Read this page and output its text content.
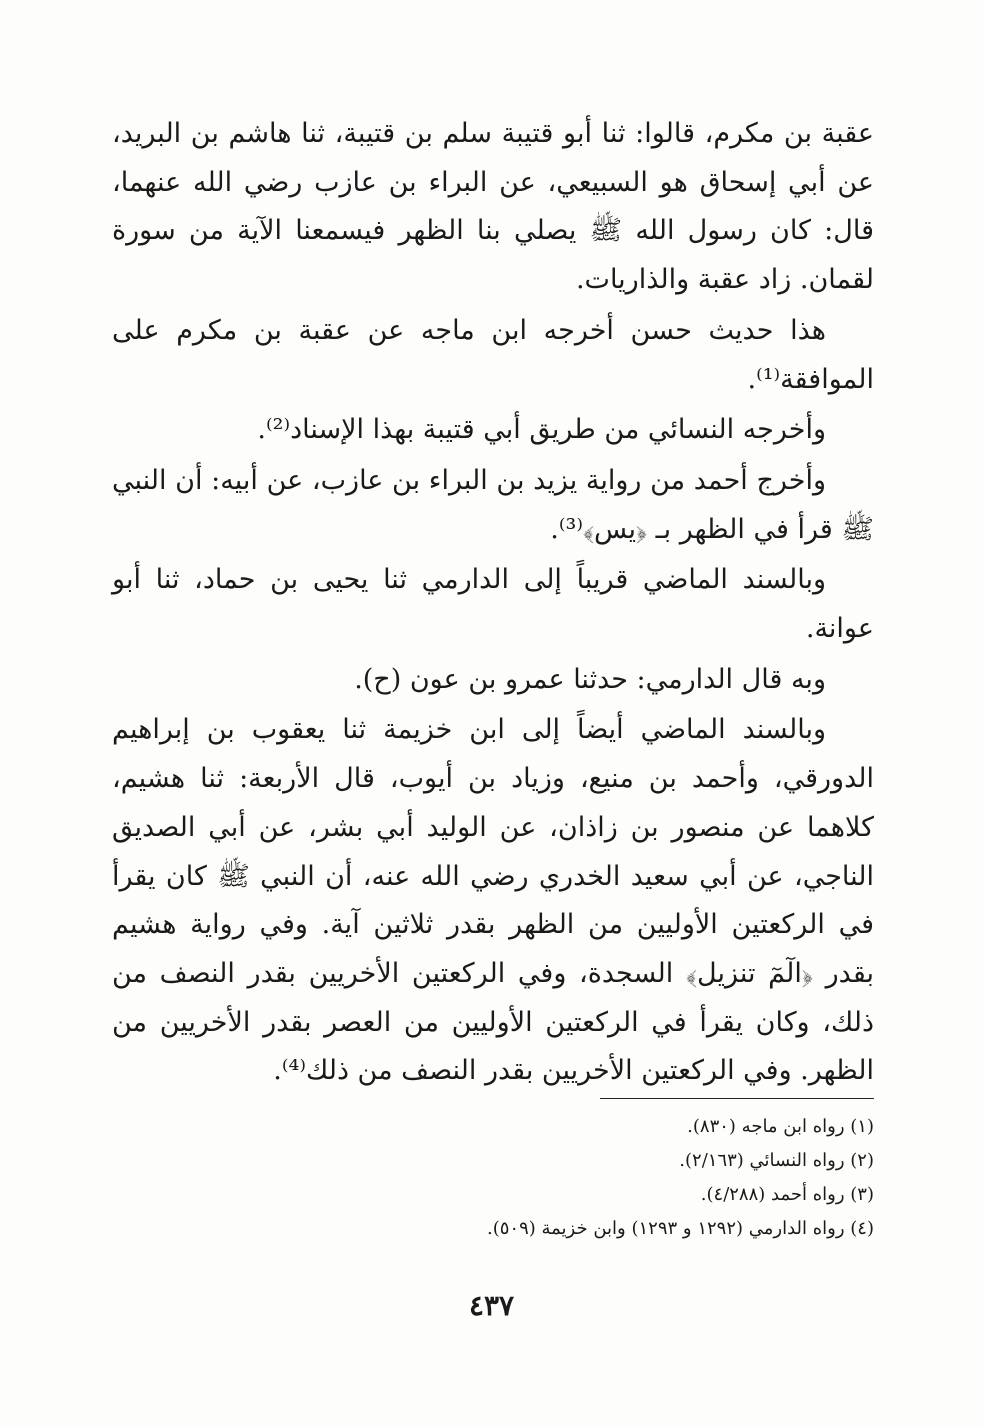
عقبة بن مكرم، قالوا: ثنا أبو قتيبة سلم بن قتيبة، ثنا هاشم بن البريد، عن أبي إسحاق هو السبيعي، عن البراء بن عازب رضي الله عنهما، قال: كان رسول الله ﷺ يصلي بنا الظهر فيسمعنا الآية من سورة لقمان. زاد عقبة والذاريات.

هذا حديث حسن أخرجه ابن ماجه عن عقبة بن مكرم على الموافقة⁽¹⁾.

وأخرجه النسائي من طريق أبي قتيبة بهذا الإسناد⁽²⁾.

وأخرج أحمد من رواية يزيد بن البراء بن عازب، عن أبيه: أن النبي ﷺ قرأ في الظهر بـ ﴿يس﴾⁽³⁾.

وبالسند الماضي قريباً إلى الدارمي ثنا يحيى بن حماد، ثنا أبو عوانة.

وبه قال الدارمي: حدثنا عمرو بن عون (ح).

وبالسند الماضي أيضاً إلى ابن خزيمة ثنا يعقوب بن إبراهيم الدورقي، وأحمد بن منيع، وزياد بن أيوب، قال الأربعة: ثنا هشيم، كلاهما عن منصور بن زاذان، عن الوليد أبي بشر، عن أبي الصديق الناجي، عن أبي سعيد الخدري رضي الله عنه، أن النبي ﷺ كان يقرأ في الركعتين الأوليين من الظهر بقدر ثلاثين آية. وفي رواية هشيم بقدر ﴿الٓمٓ تنزيل﴾ السجدة، وفي الركعتين الأخريين بقدر النصف من ذلك، وكان يقرأ في الركعتين الأوليين من العصر بقدر الأخريين من الظهر. وفي الركعتين الأخريين بقدر النصف من ذلك⁽⁴⁾.

(١) رواه ابن ماجه (٨٣٠).
(٢) رواه النسائي (٢/١٦٣).
(٣) رواه أحمد (٤/٢٨٨).
(٤) رواه الدارمي (١٢٩٢ و ١٢٩٣) وابن خزيمة (٥٠٩).
٤٣٧
